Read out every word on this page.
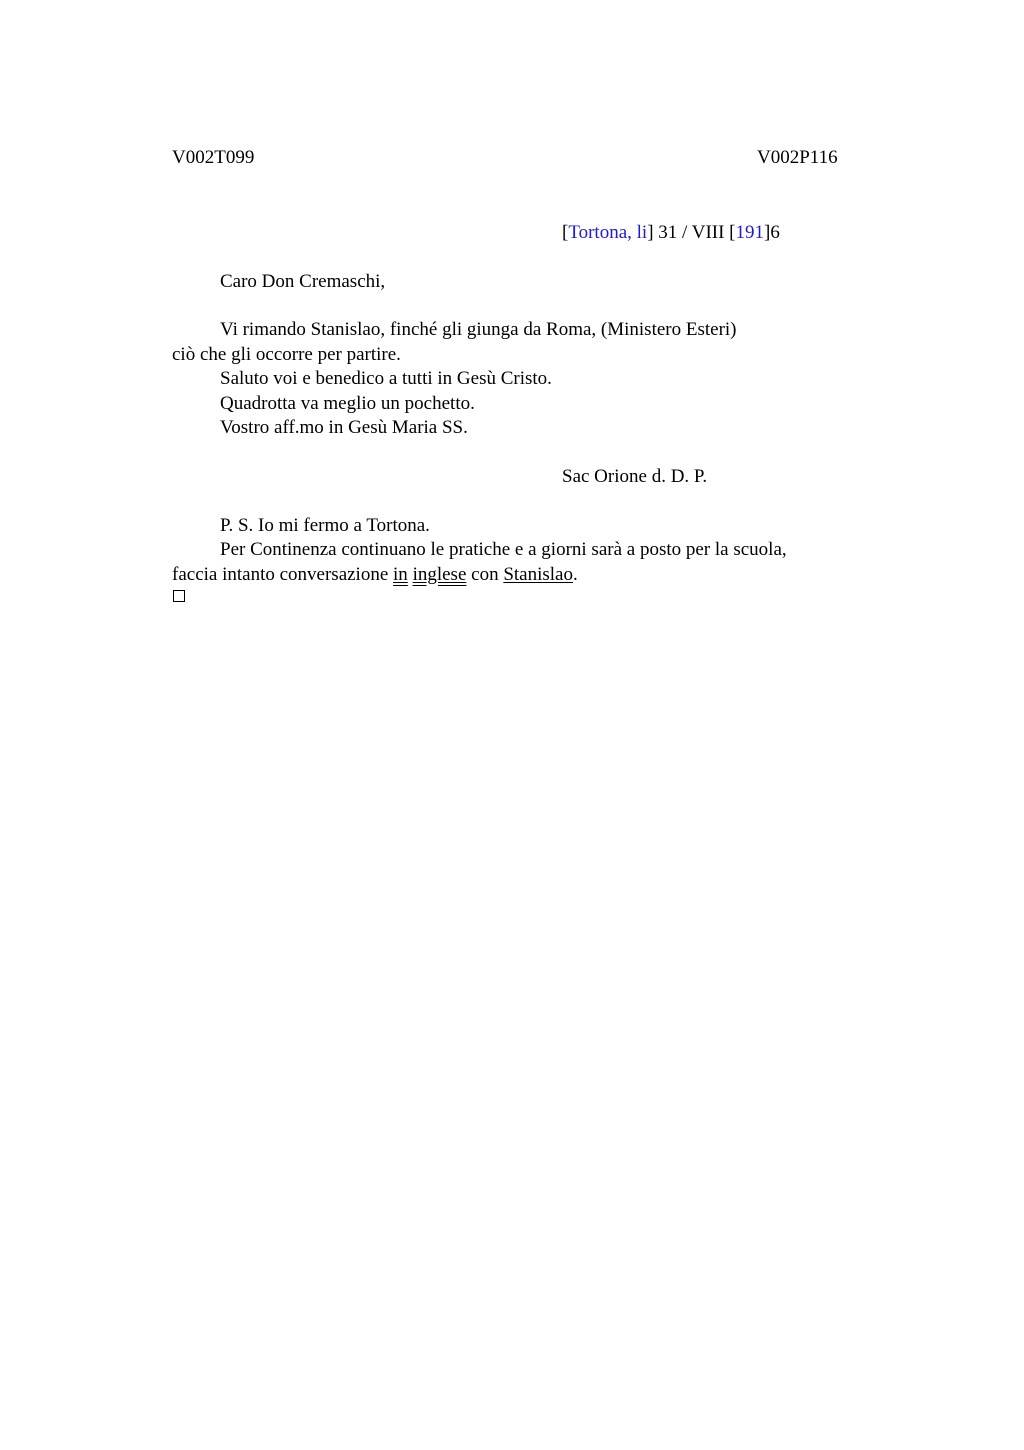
V002T099	V002P116
[Tortona, li] 31 / VIII [191]6
Caro Don Cremaschi,
Vi rimando Stanislao, finché gli giunga da Roma, (Ministero Esteri)
ciò che gli occorre per partire.
Saluto voi e benedico a tutti in Gesù Cristo.
Quadrotta va meglio un pochetto.
Vostro aff.mo in Gesù Maria SS.
Sac Orione d. D. P.
P. S. Io mi fermo a Tortona.
Per Continenza continuano le pratiche e a giorni sarà a posto per la scuola,
faccia intanto conversazione in inglese con Stanislao.
